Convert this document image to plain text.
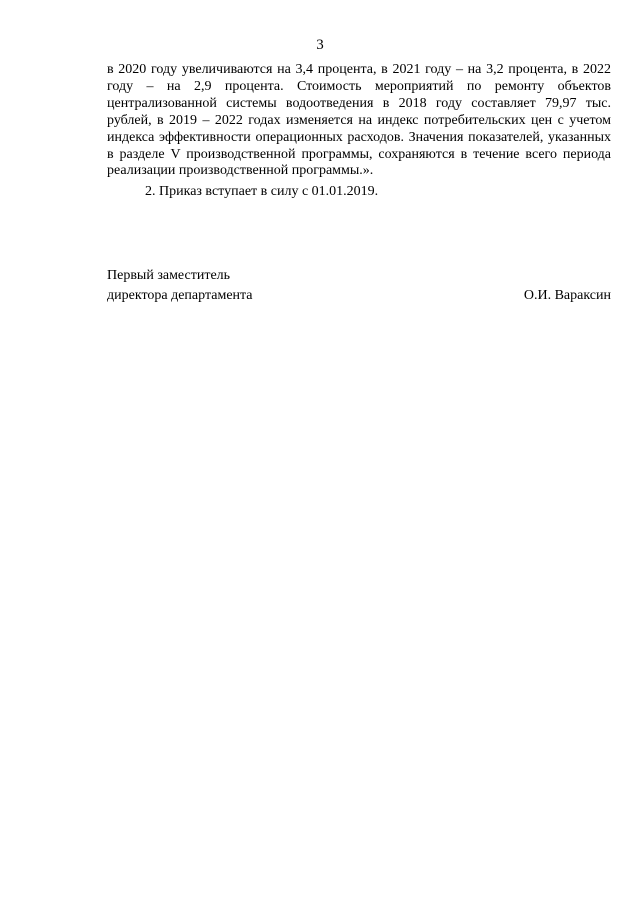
3

в 2020 году увеличиваются на 3,4 процента, в 2021 году – на 3,2 процента, в 2022 году – на 2,9 процента. Стоимость мероприятий по ремонту объектов централизованной системы водоотведения в 2018 году составляет 79,97 тыс. рублей, в 2019 – 2022 годах изменяется на индекс потребительских цен с учетом индекса эффективности операционных расходов. Значения показателей, указанных в разделе V производственной программы, сохраняются в течение всего периода реализации производственной программы.».

2. Приказ вступает в силу с 01.01.2019.

Первый заместитель
директора департамента	О.И. Вараксин
